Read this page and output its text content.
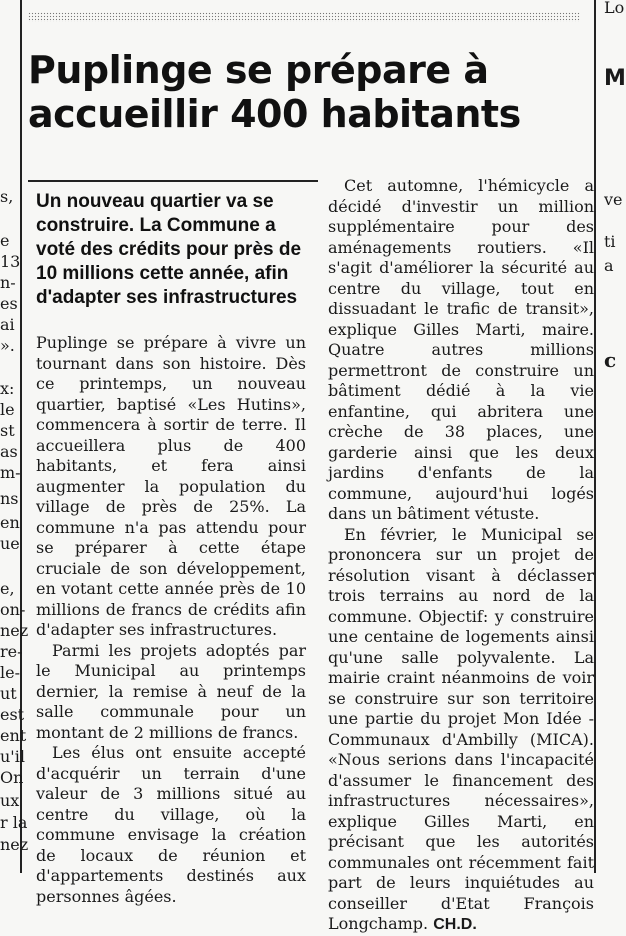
Lo
M
ve
ti
a
c
s,
e
13
n-
es
ai
».
x:
le
st
as
m-
ns
en
ue
e,
on-
nez
re-
le-
ut
est
ent
u'il
On
ux
r la
nez
Puplinge se prépare à accueillir 400 habitants

Un nouveau quartier va se construire. La Commune a voté des crédits pour près de 10 millions cette année, afin d'adapter ses infrastructures

Puplinge se prépare à vivre un tournant dans son histoire. Dès ce printemps, un nouveau quartier, baptisé «Les Hutins», commencera à sortir de terre. Il accueillera plus de 400 habitants, et fera ainsi augmenter la population du village de près de 25%. La commune n'a pas attendu pour se préparer à cette étape cruciale de son développement, en votant cette année près de 10 millions de francs de crédits afin d'adapter ses infrastructures.

Parmi les projets adoptés par le Municipal au printemps dernier, la remise à neuf de la salle communale pour un montant de 2 millions de francs.

Les élus ont ensuite accepté d'acquérir un terrain d'une valeur de 3 millions situé au centre du village, où la commune envisage la création de locaux de réunion et d'appartements destinés aux personnes âgées.

Cet automne, l'hémicycle a décidé d'investir un million supplémentaire pour des aménagements routiers. «Il s'agit d'améliorer la sécurité au centre du village, tout en dissuadant le trafic de transit», explique Gilles Marti, maire. Quatre autres millions permettront de construire un bâtiment dédié à la vie enfantine, qui abritera une crèche de 38 places, une garderie ainsi que les deux jardins d'enfants de la commune, aujourd'hui logés dans un bâtiment vétuste.

En février, le Municipal se prononcera sur un projet de résolution visant à déclasser trois terrains au nord de la commune. Objectif: y construire une centaine de logements ainsi qu'une salle polyvalente. La mairie craint néanmoins de voir se construire sur son territoire une partie du projet Mon Idée - Communaux d'Ambilly (MICA). «Nous serions dans l'incapacité d'assumer le financement des infrastructures nécessaires», explique Gilles Marti, en précisant que les autorités communales ont récemment fait part de leurs inquiétudes au conseiller d'Etat François Longchamp. CH.D.
